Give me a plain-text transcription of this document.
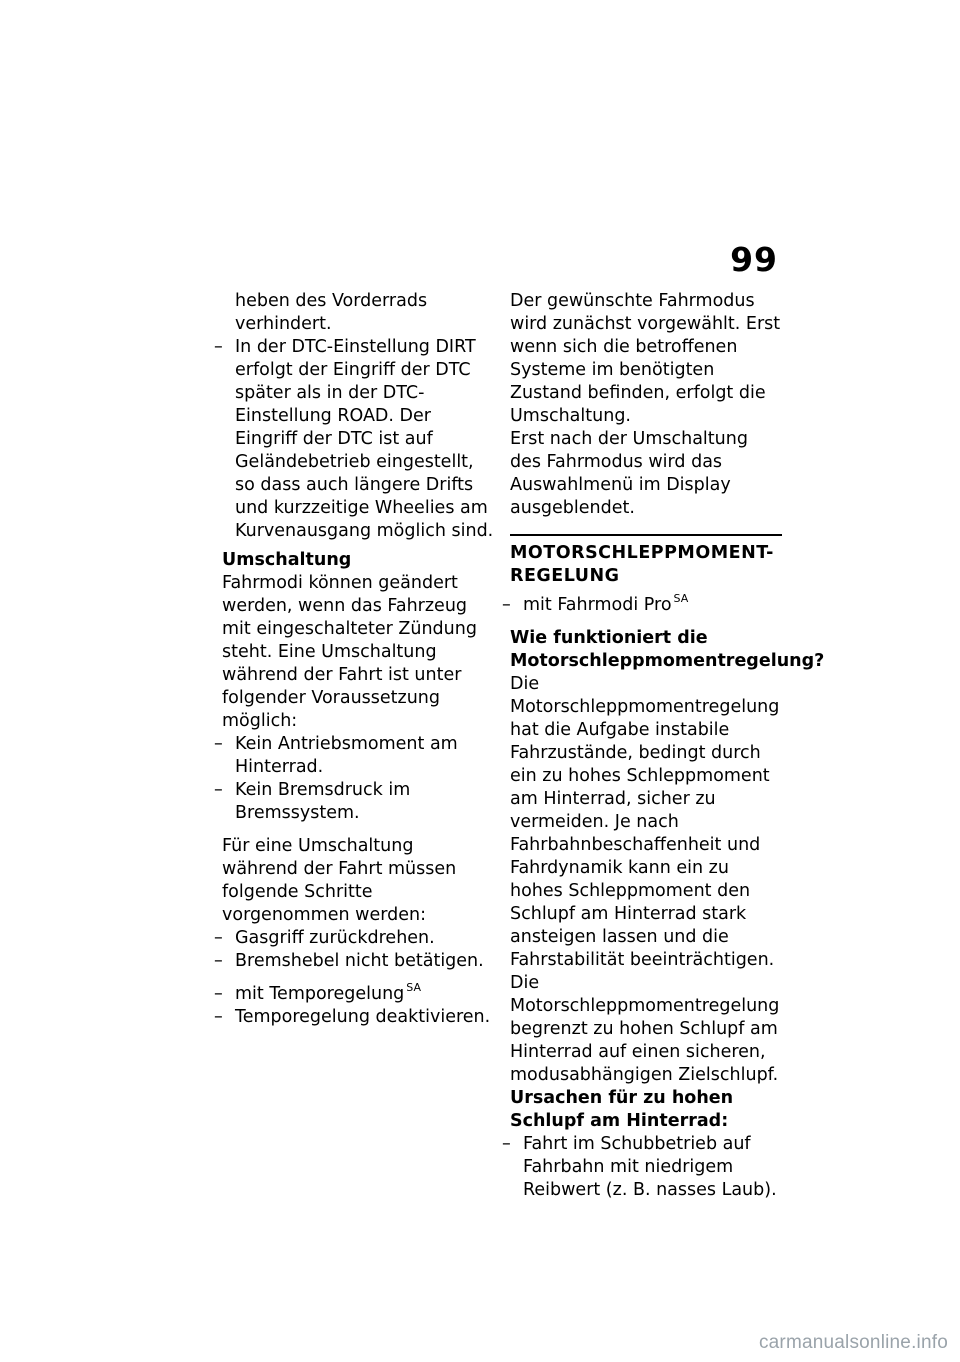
99
heben des Vorderrads verhindert.
– In der DTC-Einstellung DIRT erfolgt der Eingriff der DTC später als in der DTC-Einstellung ROAD. Der Eingriff der DTC ist auf Geländebetrieb eingestellt, so dass auch längere Drifts und kurzzeitige Wheelies am Kurvenausgang möglich sind.

Umschaltung

Fahrmodi können geändert werden, wenn das Fahrzeug mit eingeschalteter Zündung steht. Eine Umschaltung während der Fahrt ist unter folgender Voraussetzung möglich:

– Kein Antriebsmoment am Hinterrad.
– Kein Bremsdruck im Bremssystem.

Für eine Umschaltung während der Fahrt müssen folgende Schritte vorgenommen werden:

– Gasgriff zurückdrehen.
– Bremshebel nicht betätigen.
– mit Temporegelung $^{SA}$
– Temporegelung deaktivieren.

Der gewünschte Fahrmodus wird zunächst vorgewählt. Erst wenn sich die betroffenen Systeme im benötigten Zustand befinden, erfolgt die Umschaltung.

Erst nach der Umschaltung des Fahrmodus wird das Auswahlmenü im Display ausgeblendet.

MOTORSCHLEPPMOMENT-REGELUNG
– mit Fahrmodi Pro $^{SA}$

Wie funktioniert die Motorschleppmomentregelung?

Die Motorschleppmomentregelung hat die Aufgabe instabile Fahrzustände, bedingt durch ein zu hohes Schleppmoment am Hinterrad, sicher zu vermeiden. Je nach Fahrbahnbeschaffenheit und Fahrdynamik kann ein zu hohes Schleppmoment den Schlupf am Hinterrad stark ansteigen lassen und die Fahrstabilität beeinträchtigen. Die Motorschleppmomentregelung begrenzt zu hohen Schlupf am Hinterrad auf einen sicheren, modusabhängigen Zielschlupf.

Ursachen für zu hohen Schlupf am Hinterrad:

– Fahrt im Schubbetrieb auf Fahrbahn mit niedrigem Reibwert (z. B. nasses Laub).
carmanualsonline.info
